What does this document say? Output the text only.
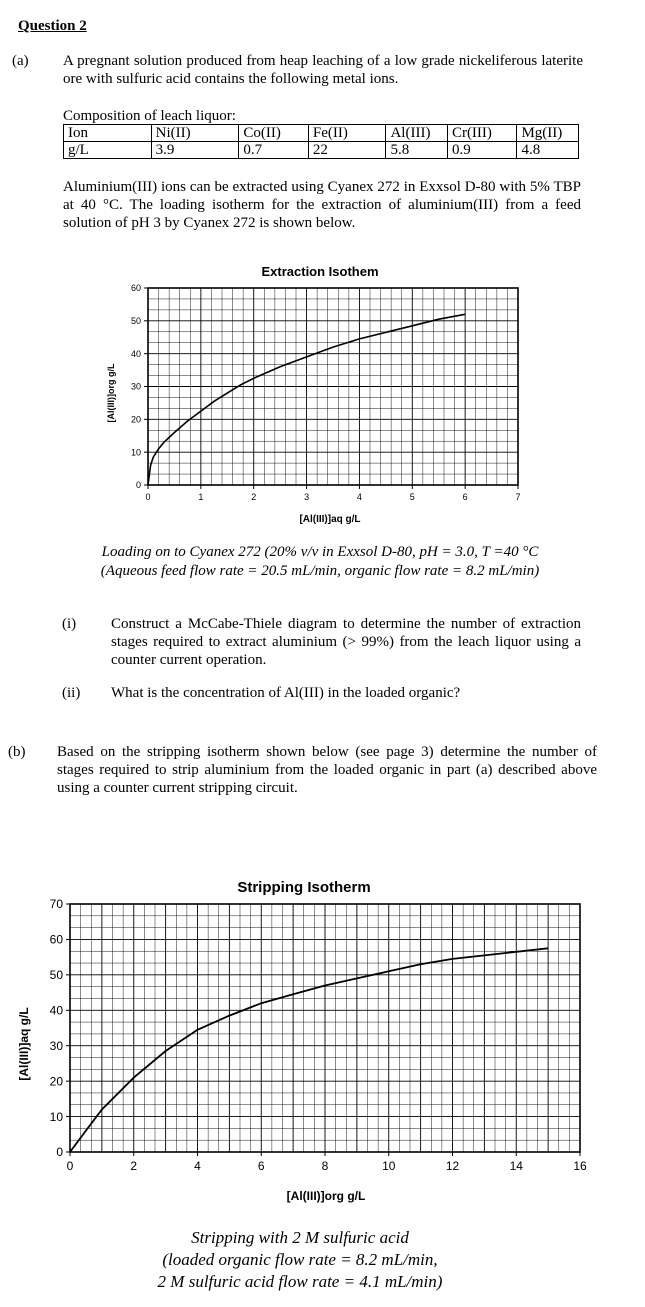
Question 2
(a) A pregnant solution produced from heap leaching of a low grade nickeliferous laterite ore with sulfuric acid contains the following metal ions.
Composition of leach liquor:
Ion	Ni(II)	Co(II)	Fe(II)	Al(III)	Cr(III)	Mg(II)
g/L	3.9	0.7	22	5.8	0.9	4.8
Aluminium(III) ions can be extracted using Cyanex 272 in Exxsol D-80 with 5% TBP at 40 °C. The loading isotherm for the extraction of aluminium(III) from a feed solution of pH 3 by Cyanex 272 is shown below.
Extraction Isothem
0	1	2	3	4	5	6	7
0
10
20
30
40
50
60
[Al(III)]aq g/L
[Al(III)]org g/L
Loading on to Cyanex 272 (20% v/v in Exxsol D-80, pH = 3.0, T =40 °C
(Aqueous feed flow rate = 20.5 mL/min, organic flow rate = 8.2 mL/min)
(i) Construct a McCabe-Thiele diagram to determine the number of extraction stages required to extract aluminium (> 99%) from the leach liquor using a counter current operation.
(ii) What is the concentration of Al(III) in the loaded organic?
(b) Based on the stripping isotherm shown below (see page 3) determine the number of stages required to strip aluminium from the loaded organic in part (a) described above using a counter current stripping circuit.
Stripping Isotherm
0	2	4	6	8	10	12	14	16
0
10
20
30
40
50
60
70
[Al(III)]org g/L
[Al(III)]aq g/L
Stripping with 2 M sulfuric acid
(loaded organic flow rate = 8.2 mL/min,
2 M sulfuric acid flow rate = 4.1 mL/min)
